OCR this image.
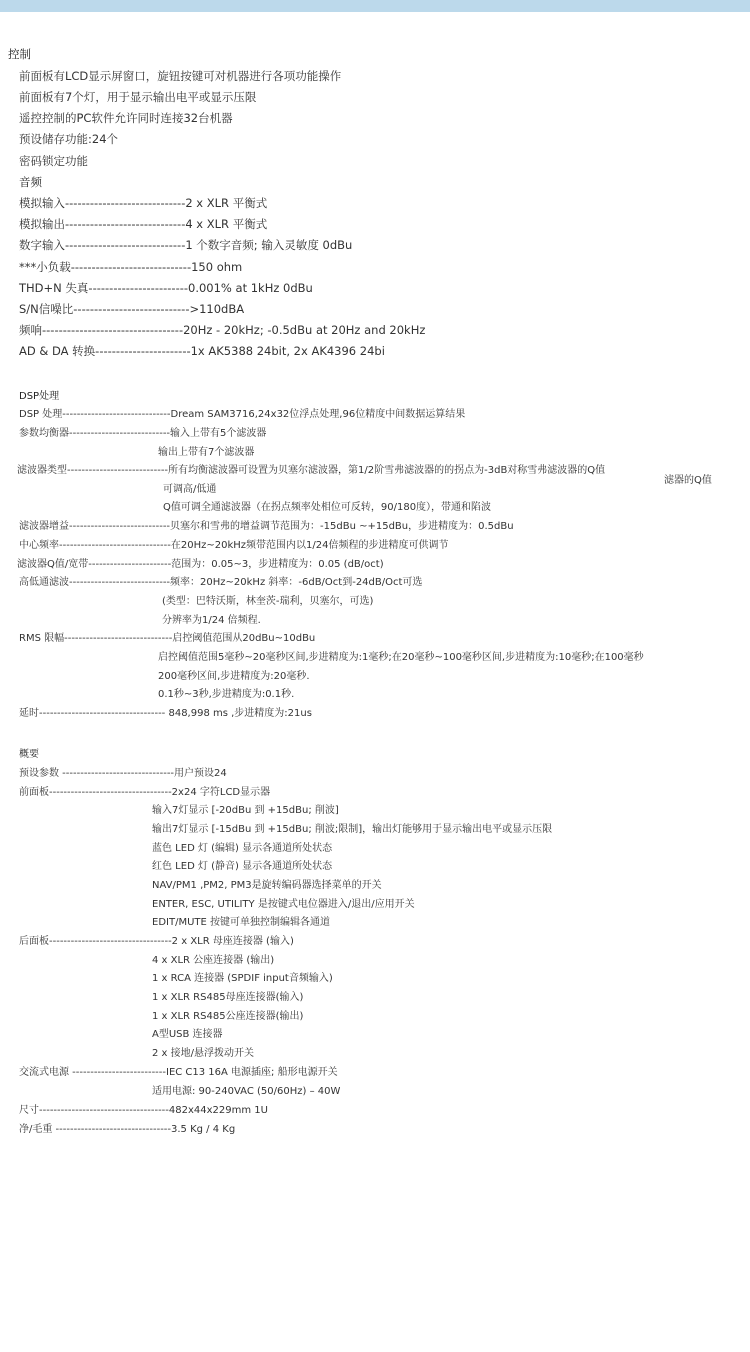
控制
前面板有LCD显示屏窗口，旋钮按键可对机器进行各项功能操作
前面板有7个灯，用于显示输出电平或显示压限
遥控控制的PC软件允许同时连接32台机器
预设储存功能:24个
密码锁定功能
音频
模拟输入-----------------------------2 x XLR 平衡式
模拟输出-----------------------------4 x XLR 平衡式
数字输入-----------------------------1 个数字音频; 输入灵敏度 0dBu
***小负载-----------------------------150 ohm
THD+N 失真------------------------0.001% at 1kHz 0dBu
S/N信噪比---------------------------->110dBA
频响----------------------------------20Hz - 20kHz; -0.5dBu at 20Hz and 20kHz
AD & DA 转换-----------------------1x AK5388 24bit, 2x AK4396 24bi
DSP处理
DSP 处理------------------------------Dream SAM3716,24x32位浮点处理,96位精度中间数据运算结果
参数均衡器----------------------------输入上带有5个滤波器
输出上带有7个滤波器
滤波器类型----------------------------所有均衡滤波器可设置为贝塞尔滤波器，第1/2阶雪弗滤波器的的拐点为-3dB对称雪弗滤波器的Q值
滤器的Q值
可调高/低通
Q值可调全通滤波器（在拐点频率处相位可反转，90/180度），带通和陷波
滤波器增益----------------------------贝塞尔和雪弗的增益调节范围为：-15dBu ~+15dBu，步进精度为：0.5dBu
中心频率-------------------------------在20Hz~20kHz频带范围内以1/24倍频程的步进精度可供调节
滤波器Q值/宽带-----------------------范围为：0.05~3，步进精度为：0.05 (dB/oct)
高低通滤波----------------------------频率：20Hz~20kHz 斜率：-6dB/Oct到-24dB/Oct可选
(类型：巴特沃斯，林奎茨-瑞利，贝塞尔，可选)
分辨率为1/24 倍频程.
RMS 限幅------------------------------启控阈值范围从20dBu~10dBu
启控阈值范围5毫秒~20毫秒区间,步进精度为:1毫秒;在20毫秒~100毫秒区间,步进精度为:10毫秒;在100毫秒
200毫秒区间,步进精度为:20毫秒.
0.1秒~3秒,步进精度为:0.1秒.
延时----------------------------------- 848,998 ms ,步进精度为:21us
概要
预设参数 -------------------------------用户预设24
前面板----------------------------------2x24 字符LCD显示器
输入7灯显示 [-20dBu 到 +15dBu; 削波]
输出7灯显示 [-15dBu 到 +15dBu; 削波;限制]，输出灯能够用于显示输出电平或显示压限
蓝色 LED 灯 (编辑) 显示各通道所处状态
红色 LED 灯 (静音) 显示各通道所处状态
NAV/PM1 ,PM2, PM3是旋转编码器选择菜单的开关
ENTER, ESC, UTILITY 是按键式电位器进入/退出/应用开关
EDIT/MUTE 按键可单独控制编辑各通道
后面板----------------------------------2 x XLR 母座连接器 (输入)
4 x XLR 公座连接器 (输出)
1 x RCA 连接器 (SPDIF input音频输入)
1 x XLR RS485母座连接器(输入)
1 x XLR RS485公座连接器(输出)
A型USB 连接器
2 x 接地/悬浮拨动开关
交流式电源 --------------------------IEC C13 16A 电源插座; 船形电源开关
适用电源: 90-240VAC (50/60Hz) – 40W
尺寸------------------------------------482x44x229mm 1U
净/毛重 --------------------------------3.5 Kg / 4 Kg
